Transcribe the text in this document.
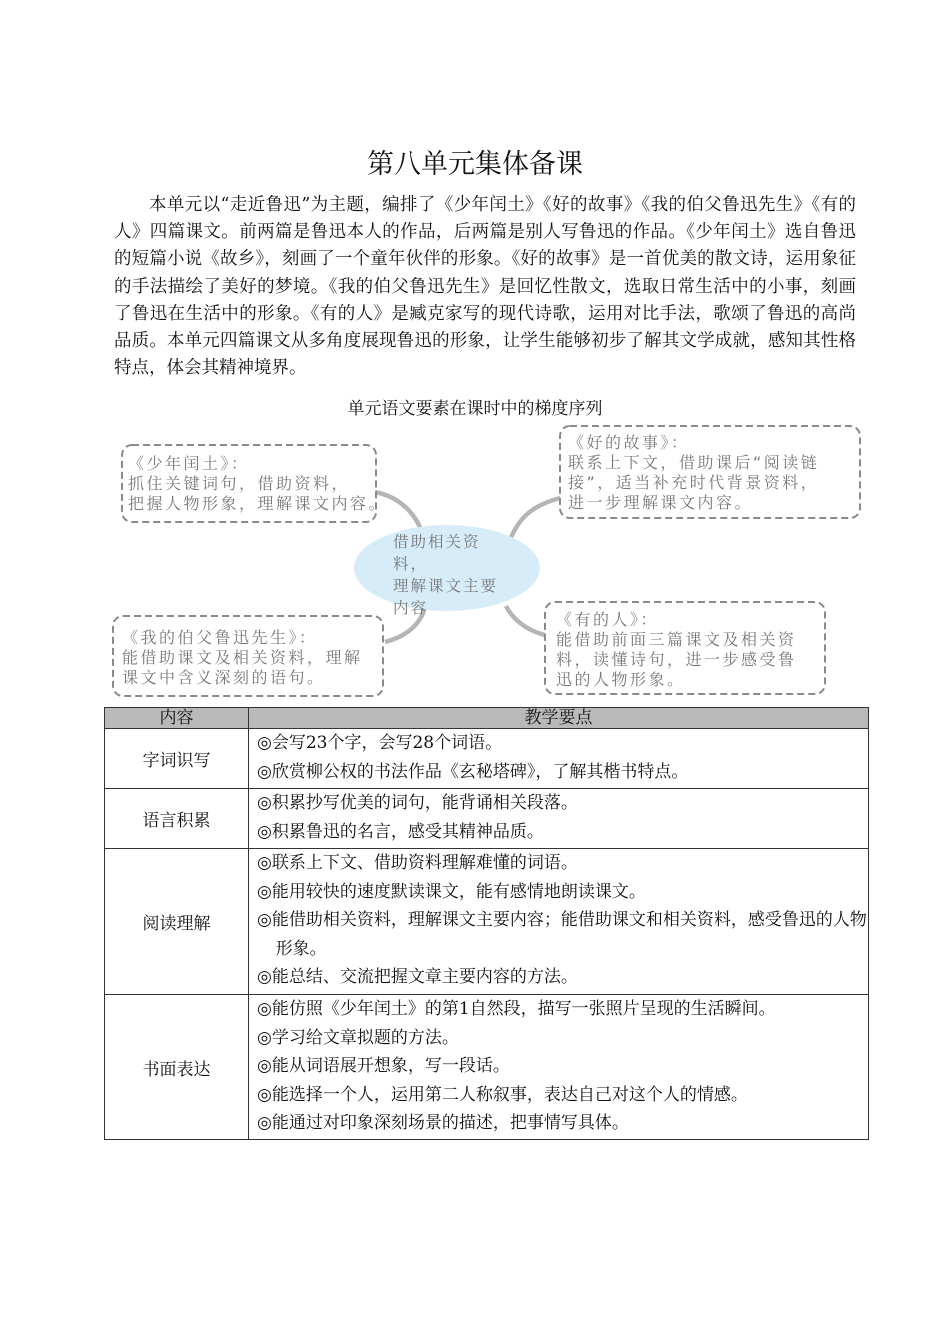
第八单元集体备课

本单元以“走近鲁迅”为主题，编排了《少年闰土》《好的故事》《我的伯父鲁迅先生》《有的人》四篇课文。前两篇是鲁迅本人的作品，后两篇是别人写鲁迅的作品。《少年闰土》选自鲁迅的短篇小说《故乡》，刻画了一个童年伙伴的形象。《好的故事》是一首优美的散文诗，运用象征的手法描绘了美好的梦境。《我的伯父鲁迅先生》是回忆性散文，选取日常生活中的小事，刻画了鲁迅在生活中的形象。《有的人》是臧克家写的现代诗歌，运用对比手法，歌颂了鲁迅的高尚品质。本单元四篇课文从多角度展现鲁迅的形象，让学生能够初步了解其文学成就，感知其性格特点，体会其精神境界。

单元语文要素在课时中的梯度序列

借助相关资料，
理解课文主要
内容
《少年闰土》：
抓住关键词句，借助资料，
把握人物形象，理解课文内容。
《好的故事》：
联系上下文，借助课后“阅读链
接”，适当补充时代背景资料，
进一步理解课文内容。
《我的伯父鲁迅先生》：
能借助课文及相关资料，理解
课文中含义深刻的语句。
《有的人》：
能借助前面三篇课文及相关资
料，读懂诗句，进一步感受鲁
迅的人物形象。
内容	教学要点
字词识写	◎会写23个字，会写28个词语。

◎欣赏柳公权的书法作品《玄秘塔碑》，了解其楷书特点。

语言积累	◎积累抄写优美的词句，能背诵相关段落。

◎积累鲁迅的名言，感受其精神品质。

阅读理解	◎联系上下文、借助资料理解难懂的词语。

◎能用较快的速度默读课文，能有感情地朗读课文。

◎能借助相关资料，理解课文主要内容；能借助课文和相关资料，感受鲁迅的人物形象。

◎能总结、交流把握文章主要内容的方法。

书面表达	◎能仿照《少年闰土》的第1自然段，描写一张照片呈现的生活瞬间。

◎学习给文章拟题的方法。

◎能从词语展开想象，写一段话。

◎能选择一个人，运用第二人称叙事，表达自己对这个人的情感。

◎能通过对印象深刻场景的描述，把事情写具体。
